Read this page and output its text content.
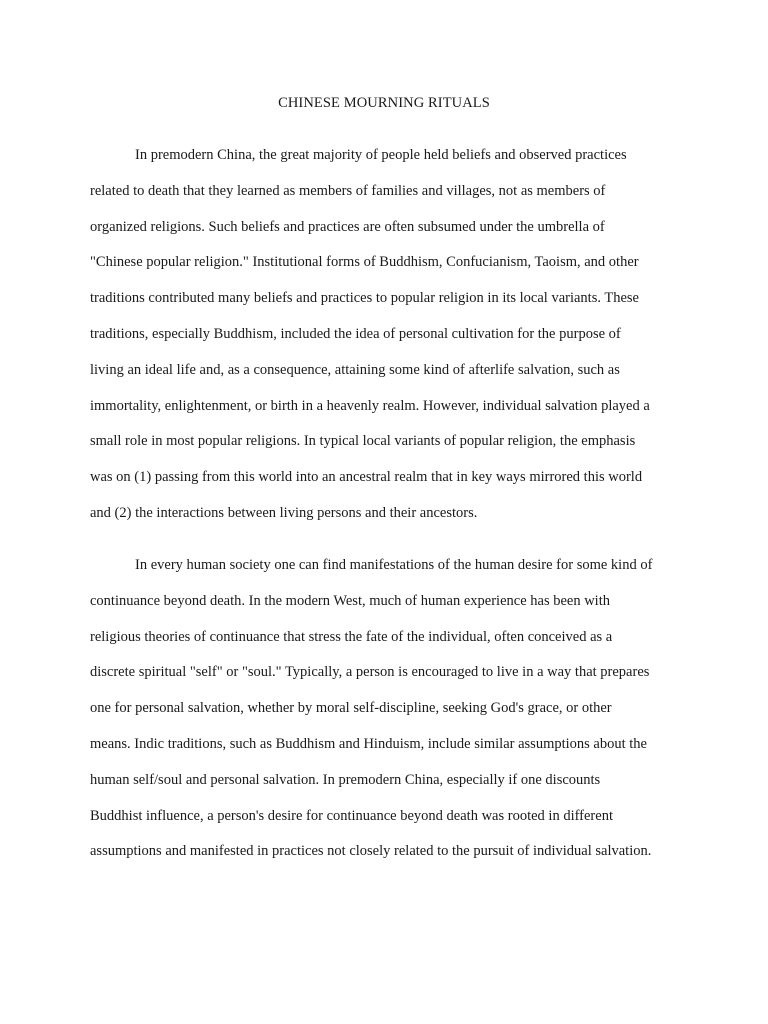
CHINESE MOURNING RITUALS
In premodern China, the great majority of people held beliefs and observed practices
related to death that they learned as members of families and villages, not as members of
organized religions. Such beliefs and practices are often subsumed under the umbrella of
"Chinese popular religion." Institutional forms of Buddhism, Confucianism, Taoism, and other
traditions contributed many beliefs and practices to popular religion in its local variants. These
traditions, especially Buddhism, included the idea of personal cultivation for the purpose of
living an ideal life and, as a consequence, attaining some kind of afterlife salvation, such as
immortality, enlightenment, or birth in a heavenly realm. However, individual salvation played a
small role in most popular religions. In typical local variants of popular religion, the emphasis
was on (1) passing from this world into an ancestral realm that in key ways mirrored this world
and (2) the interactions between living persons and their ancestors.
In every human society one can find manifestations of the human desire for some kind of
continuance beyond death. In the modern West, much of human experience has been with
religious theories of continuance that stress the fate of the individual, often conceived as a
discrete spiritual "self" or "soul." Typically, a person is encouraged to live in a way that prepares
one for personal salvation, whether by moral self-discipline, seeking God's grace, or other
means. Indic traditions, such as Buddhism and Hinduism, include similar assumptions about the
human self/soul and personal salvation. In premodern China, especially if one discounts
Buddhist influence, a person's desire for continuance beyond death was rooted in different
assumptions and manifested in practices not closely related to the pursuit of individual salvation.
